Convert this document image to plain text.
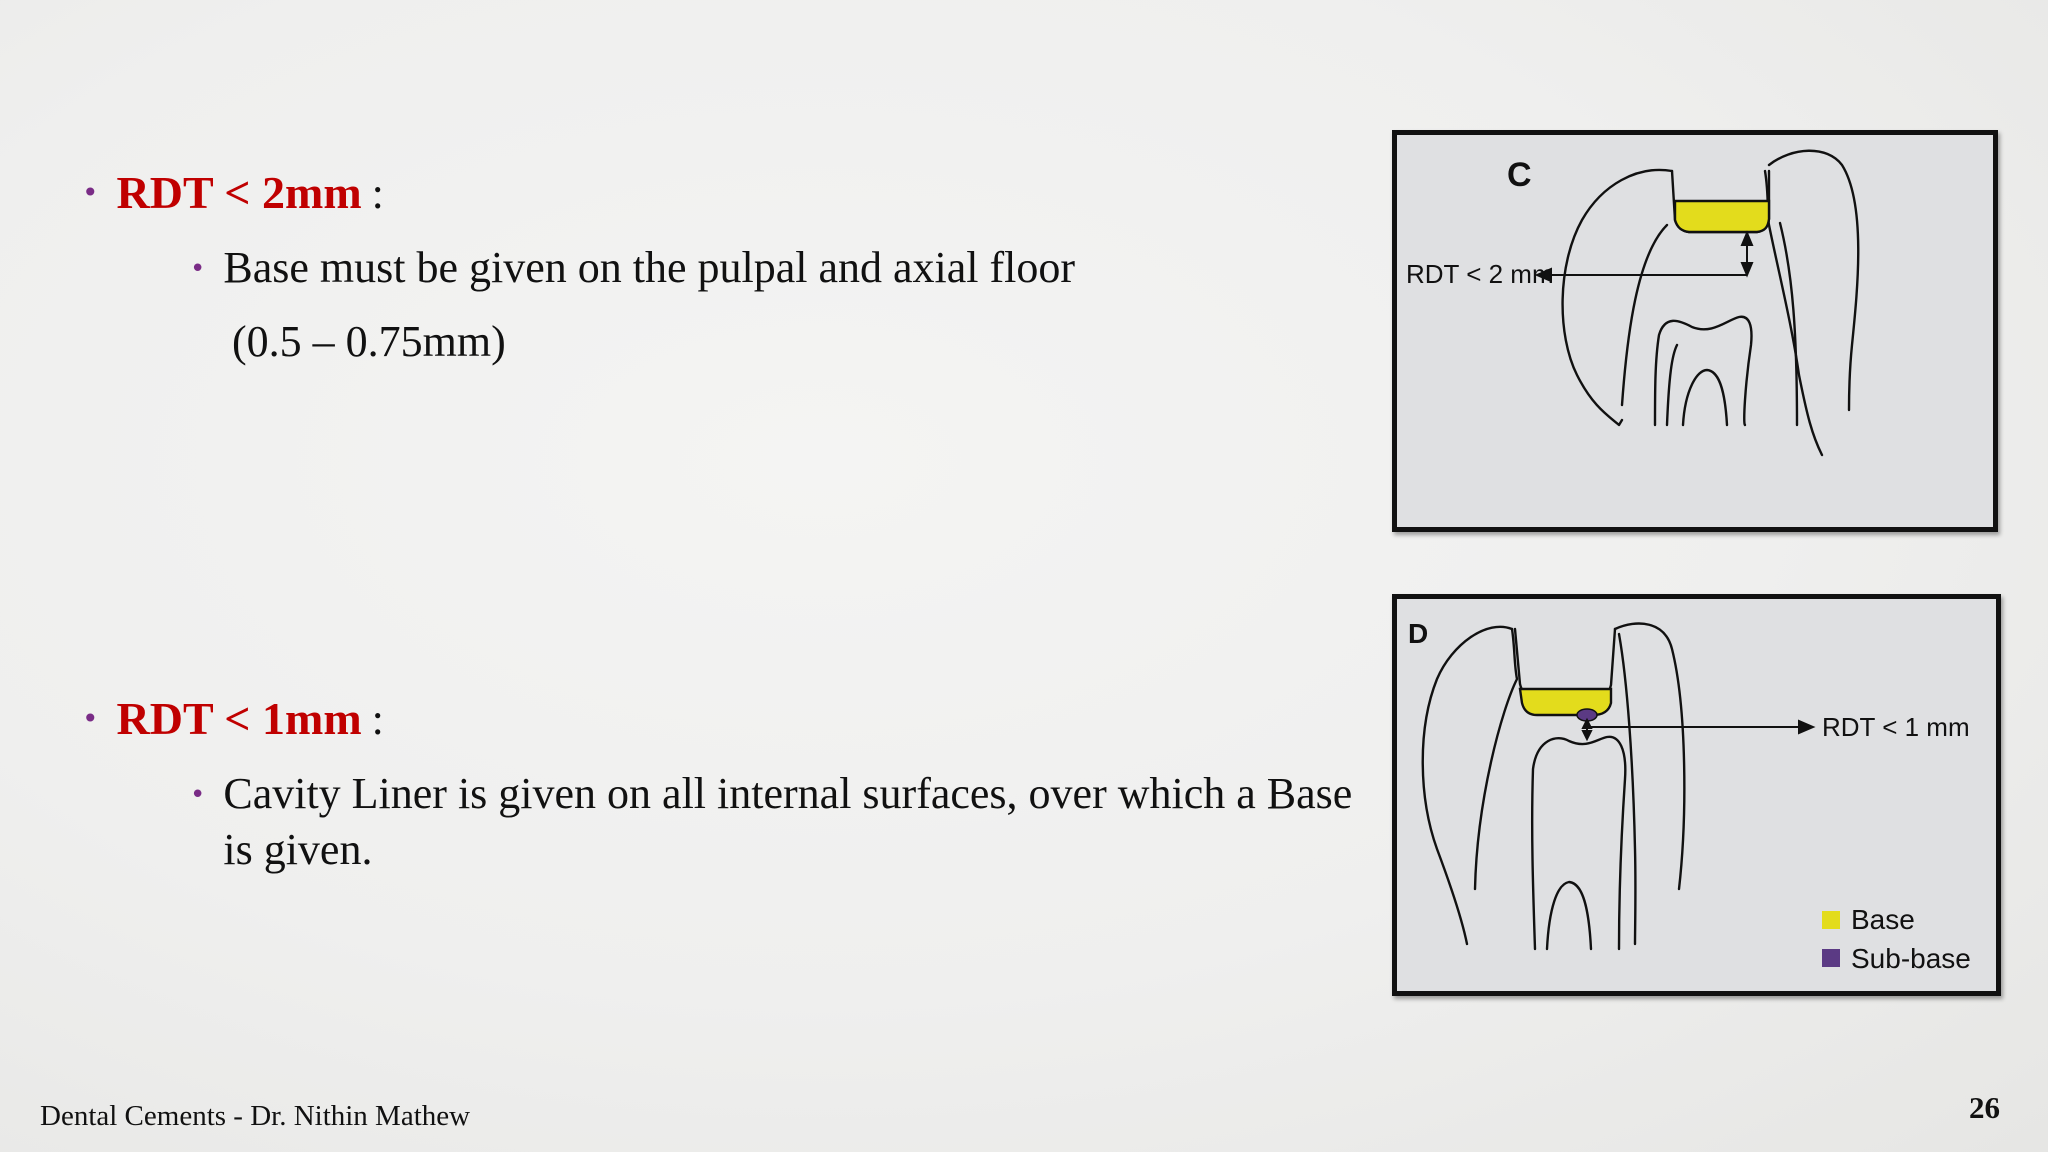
• RDT < 2mm :
• Base must be given on the pulpal and axial floor
(0.5 – 0.75mm)
• RDT < 1mm :
• Cavity Liner is given on all internal surfaces, over which a Base is given.
C
RDT < 2 mm
D
RDT < 1 mm
Base
Sub-base
Dental Cements - Dr. Nithin Mathew	26
